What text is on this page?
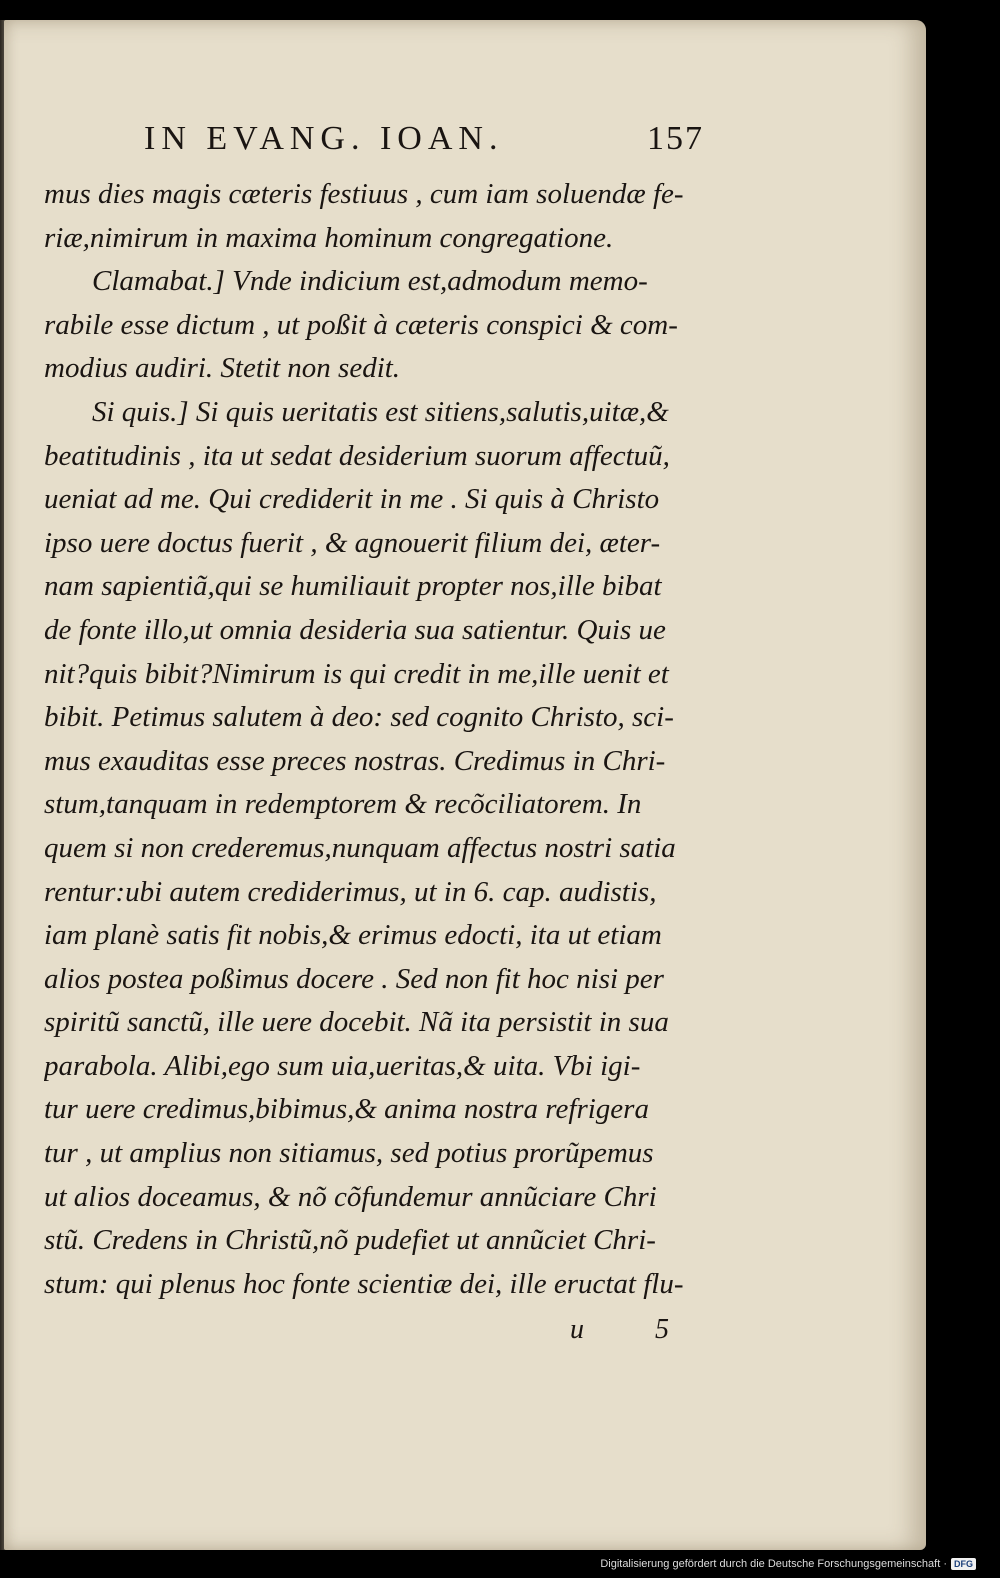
IN EVANG. IOAN.	157
mus dies magis cæteris festiuus , cum iam soluendæ fe-
riæ,nimirum in maxima hominum congregatione.
Clamabat.] Vnde indicium est,admodum memo-
rabile esse dictum , ut poßit à cæteris conspici & com-
modius audiri. Stetit non sedit.
Si quis.] Si quis ueritatis est sitiens,salutis,uitæ,&
beatitudinis , ita ut sedat desiderium suorum affectuũ,
ueniat ad me. Qui crediderit in me . Si quis à Christo
ipso uere doctus fuerit , & agnouerit filium dei, æter-
nam sapientiã,qui se humiliauit propter nos,ille bibat
de fonte illo,ut omnia desideria sua satientur. Quis ue
nit?quis bibit?Nimirum is qui credit in me,ille uenit et
bibit. Petimus salutem à deo: sed cognito Christo, sci-
mus exauditas esse preces nostras. Credimus in Chri-
stum,tanquam in redemptorem & recõciliatorem. In
quem si non crederemus,nunquam affectus nostri satia
rentur:ubi autem crediderimus, ut in 6. cap. audistis,
iam planè satis fit nobis,& erimus edocti, ita ut etiam
alios postea poßimus docere . Sed non fit hoc nisi per
spiritũ sanctũ, ille uere docebit. Nã ita persistit in sua
parabola. Alibi,ego sum uia,ueritas,& uita. Vbi igi-
tur uere credimus,bibimus,& anima nostra refrigera
tur , ut amplius non sitiamus, sed potius prorũpemus
ut alios doceamus, & nõ cõfundemur annũciare Chri
stũ. Credens in Christũ,nõ pudefiet ut annũciet Chri-
stum: qui plenus hoc fonte scientiæ dei, ille eructat flu-
u 5
Digitalisierung gefördert durch die Deutsche Forschungsgemeinschaft · DFG
